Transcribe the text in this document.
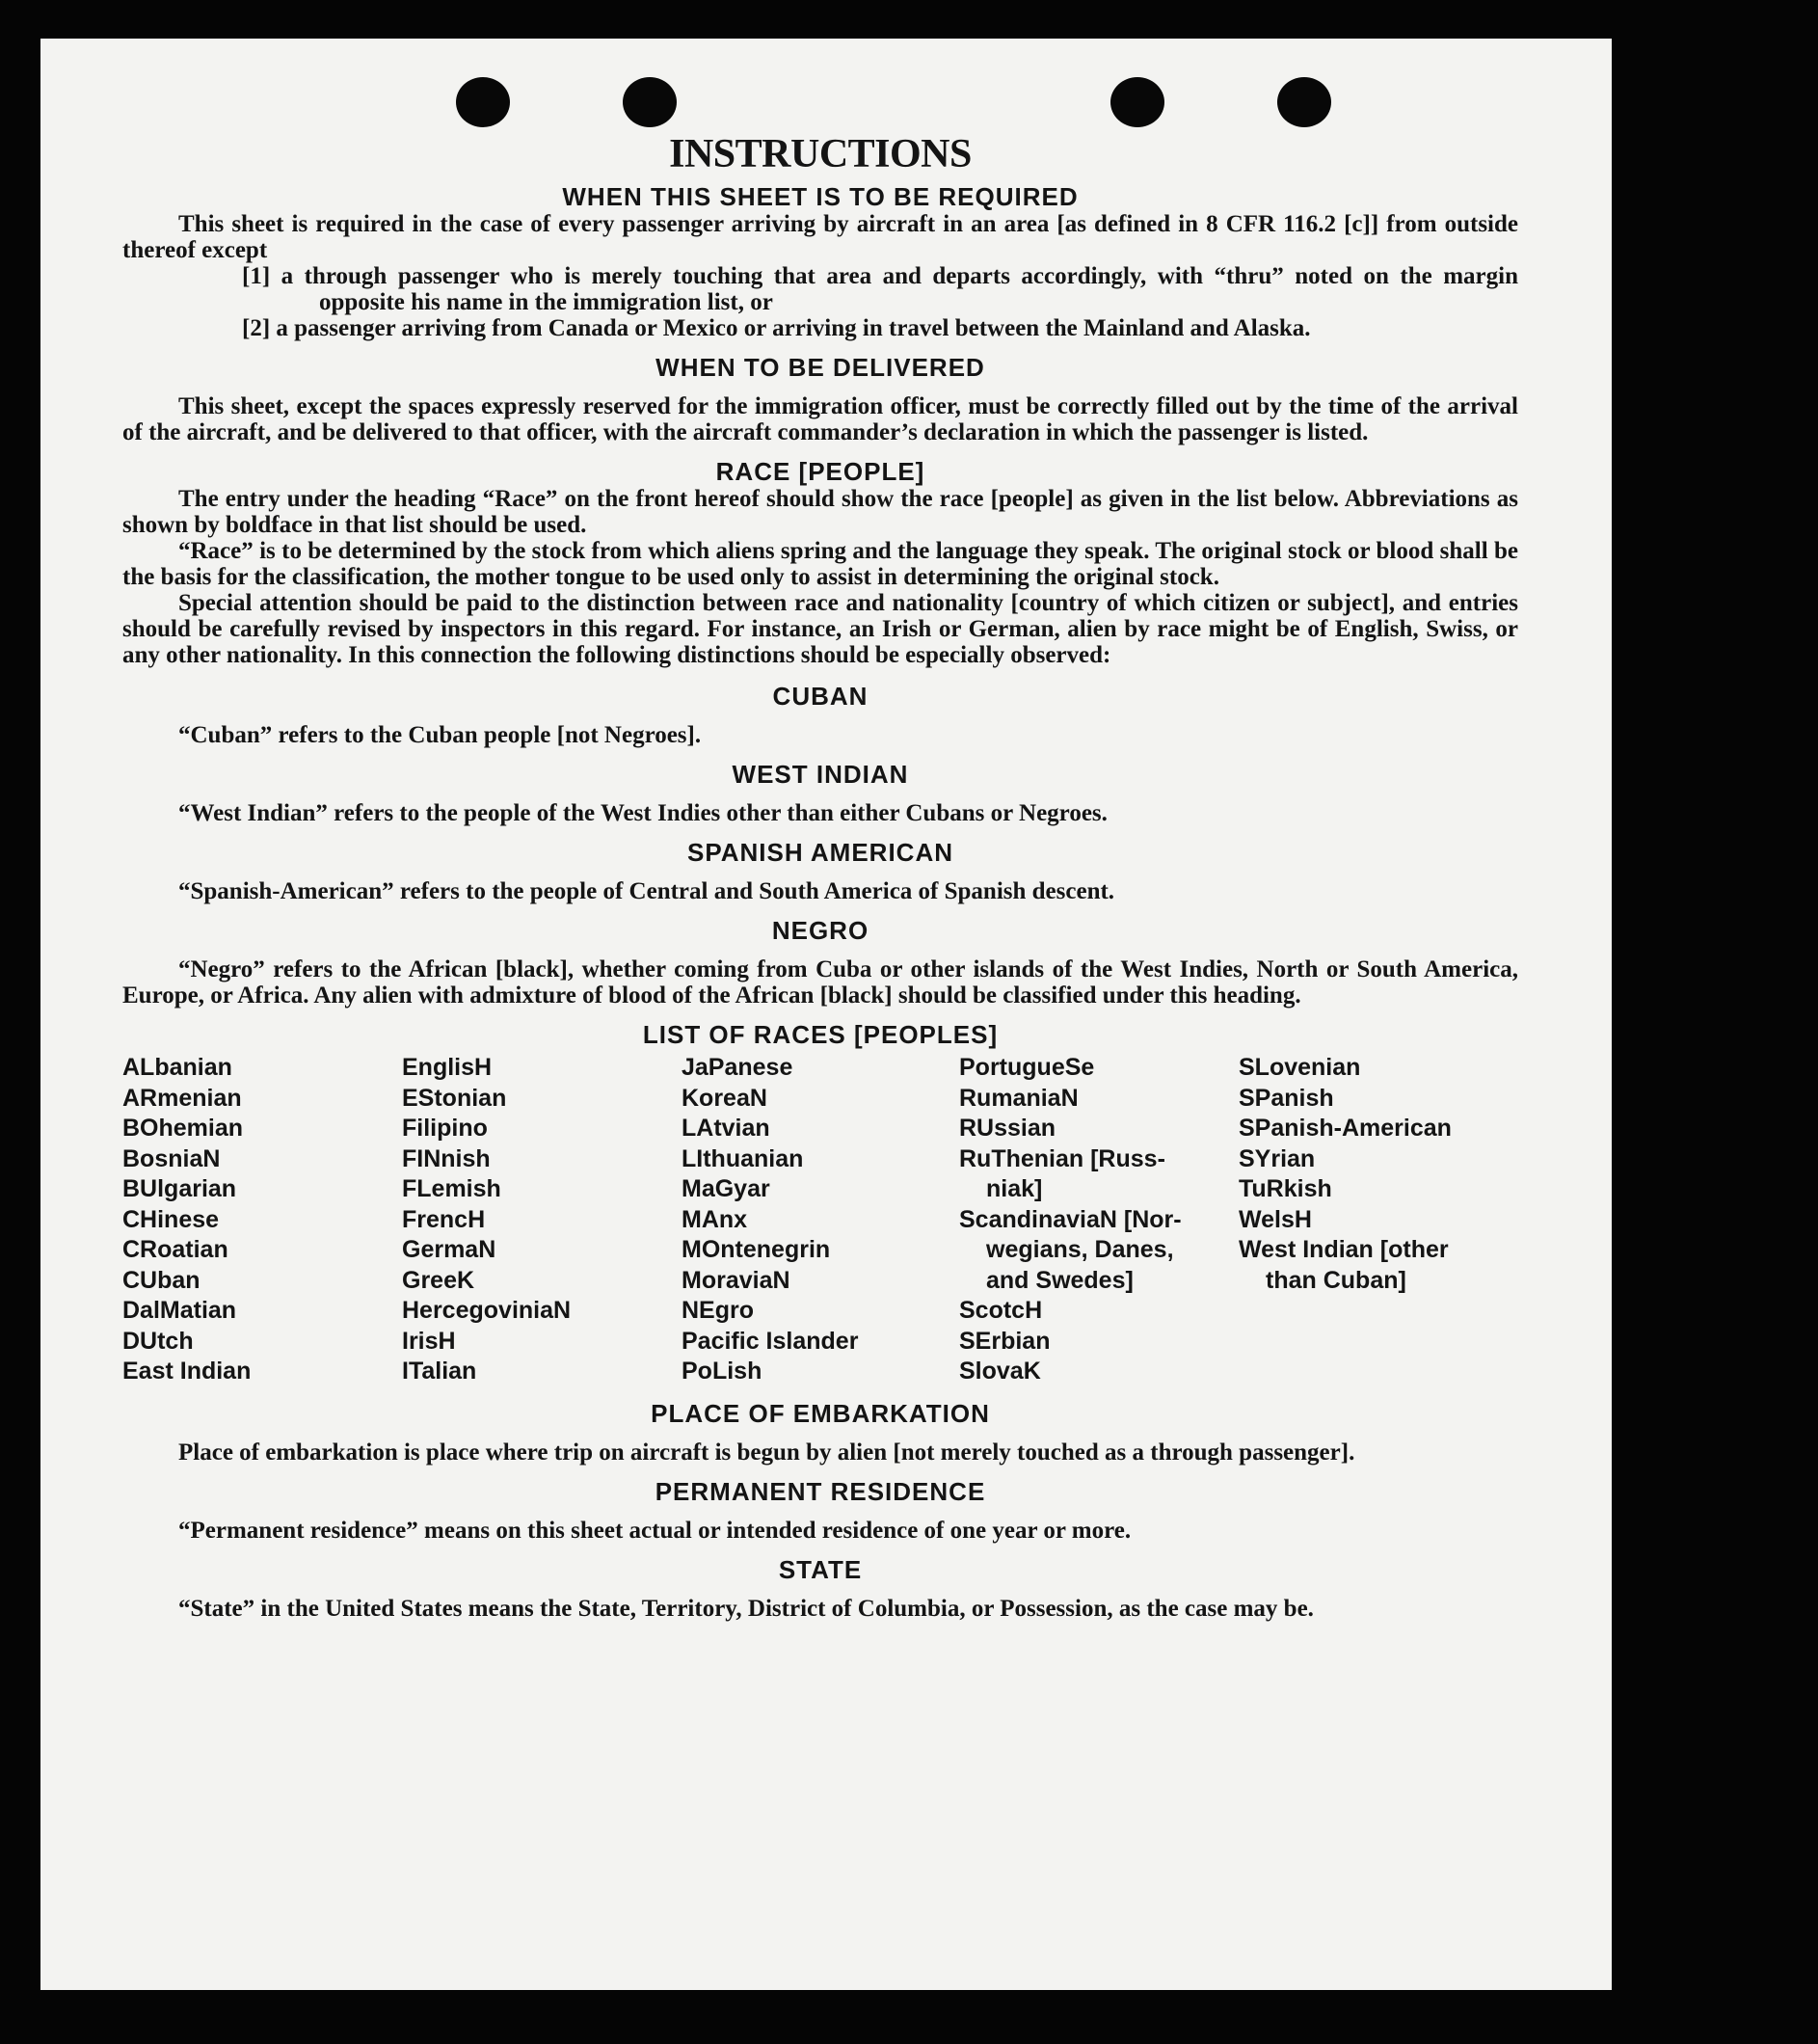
INSTRUCTIONS
WHEN THIS SHEET IS TO BE REQUIRED

This sheet is required in the case of every passenger arriving by aircraft in an area [as defined in 8 CFR 116.2 [c]] from outside thereof except

[1] a through passenger who is merely touching that area and departs accordingly, with “thru” noted on the margin opposite his name in the immigration list, or

[2] a passenger arriving from Canada or Mexico or arriving in travel between the Mainland and Alaska.

WHEN TO BE DELIVERED

This sheet, except the spaces expressly reserved for the immigration officer, must be correctly filled out by the time of the arrival of the aircraft, and be delivered to that officer, with the aircraft commander’s declaration in which the passenger is listed.

RACE [PEOPLE]

The entry under the heading “Race” on the front hereof should show the race [people] as given in the list below. Abbreviations as shown by boldface in that list should be used.

“Race” is to be determined by the stock from which aliens spring and the language they speak. The original stock or blood shall be the basis for the classification, the mother tongue to be used only to assist in determining the original stock.

Special attention should be paid to the distinction between race and nationality [country of which citizen or subject], and entries should be carefully revised by inspectors in this regard. For instance, an Irish or German, alien by race might be of English, Swiss, or any other nationality. In this connection the following distinctions should be especially observed:

CUBAN

“Cuban” refers to the Cuban people [not Negroes].

WEST INDIAN

“West Indian” refers to the people of the West Indies other than either Cubans or Negroes.

SPANISH AMERICAN

“Spanish-American” refers to the people of Central and South America of Spanish descent.

NEGRO

“Negro” refers to the African [black], whether coming from Cuba or other islands of the West Indies, North or South America, Europe, or Africa. Any alien with admixture of blood of the African [black] should be classified under this heading.

LIST OF RACES [PEOPLES]
ALbanian
ARmenian
BOhemian
BosniaN
BUlgarian
CHinese
CRoatian
CUban
DalMatian
DUtch
East Indian
EnglisH
EStonian
Filipino
FINnish
FLemish
FrencH
GermaN
GreeK
HercegovinіaN
IrisH
ITalian
JaPanese
KoreaN
LAtvian
LIthuanian
MaGyar
MAnx
MOntenegrin
MoraviaN
NEgro
Pacific Islander
PoLish
PortugueSe
RumaniaN
RUssian
RuThenian [Russ-
niak]
ScandinaviaN [Nor-
wegians, Danes,
and Swedes]
ScotcH
SErbian
SlovaK
SLovenian
SPanish
SPanish-American
SYrian
TuRkish
WelsH
West Indian [other
than Cuban]
PLACE OF EMBARKATION

Place of embarkation is place where trip on aircraft is begun by alien [not merely touched as a through passenger].

PERMANENT RESIDENCE

“Permanent residence” means on this sheet actual or intended residence of one year or more.

STATE

“State” in the United States means the State, Territory, District of Columbia, or Possession, as the case may be.
